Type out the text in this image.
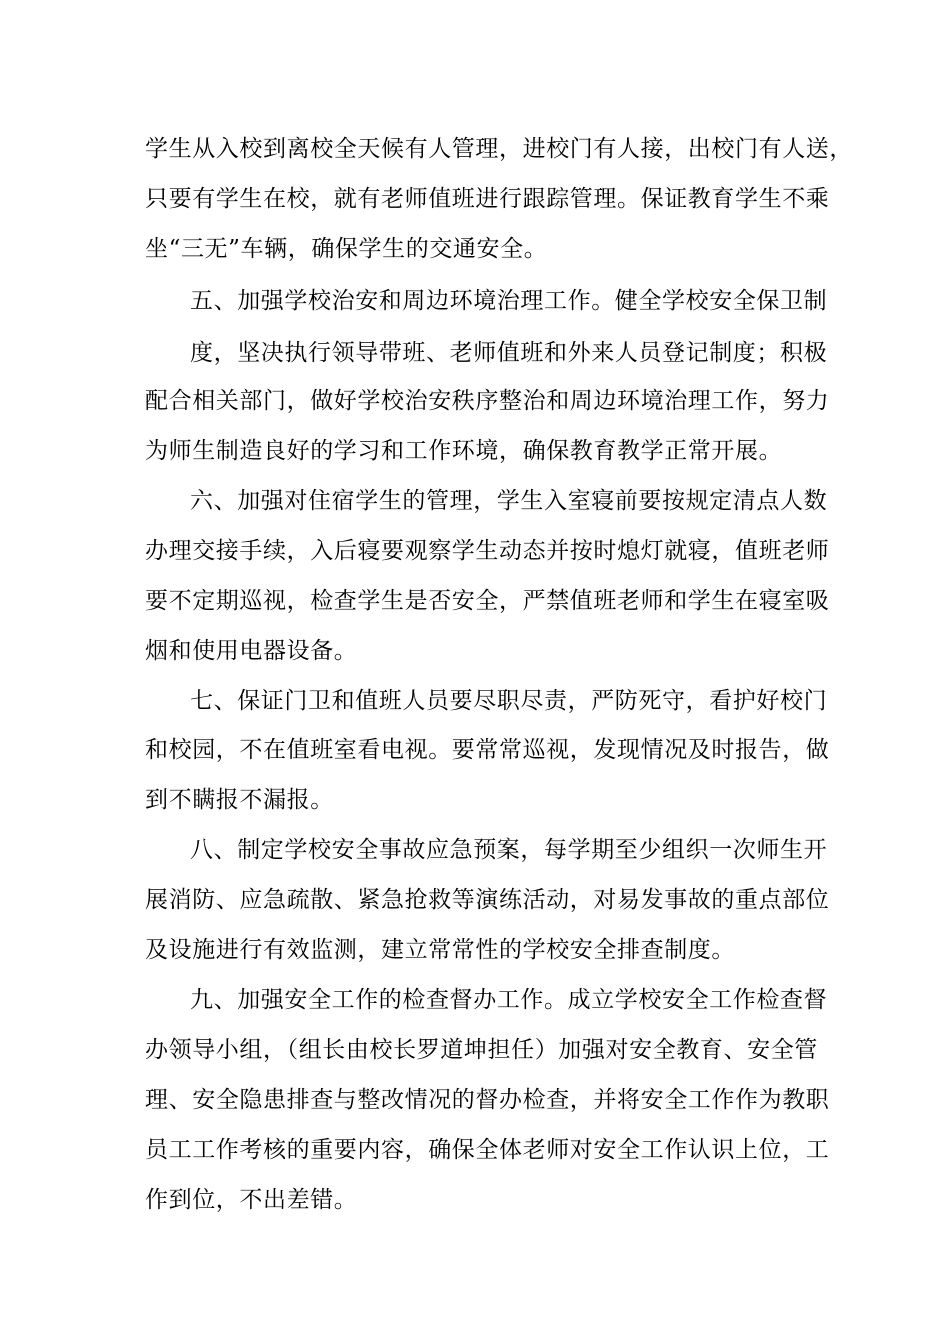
学生从入校到离校全天候有人管理，进校门有人接，出校门有人送，
只要有学生在校，就有老师值班进行跟踪管理。保证教育学生不乘
坐“三无”车辆，确保学生的交通安全。
五、加强学校治安和周边环境治理工作。健全学校安全保卫制
度，坚决执行领导带班、老师值班和外来人员登记制度；积极
配合相关部门，做好学校治安秩序整治和周边环境治理工作，努力
为师生制造良好的学习和工作环境，确保教育教学正常开展。
六、加强对住宿学生的管理，学生入室寝前要按规定清点人数
办理交接手续，入后寝要观察学生动态并按时熄灯就寝，值班老师
要不定期巡视，检查学生是否安全，严禁值班老师和学生在寝室吸
烟和使用电器设备。
七、保证门卫和值班人员要尽职尽责，严防死守，看护好校门
和校园，不在值班室看电视。要常常巡视，发现情况及时报告，做
到不瞒报不漏报。
八、制定学校安全事故应急预案，每学期至少组织一次师生开
展消防、应急疏散、紧急抢救等演练活动，对易发事故的重点部位
及设施进行有效监测，建立常常性的学校安全排查制度。
九、加强安全工作的检查督办工作。成立学校安全工作检查督
办领导小组，（组长由校长罗道坤担任）加强对安全教育、安全管
理、安全隐患排查与整改情况的督办检查，并将安全工作作为教职
员工工作考核的重要内容，确保全体老师对安全工作认识上位，工
作到位，不出差错。
